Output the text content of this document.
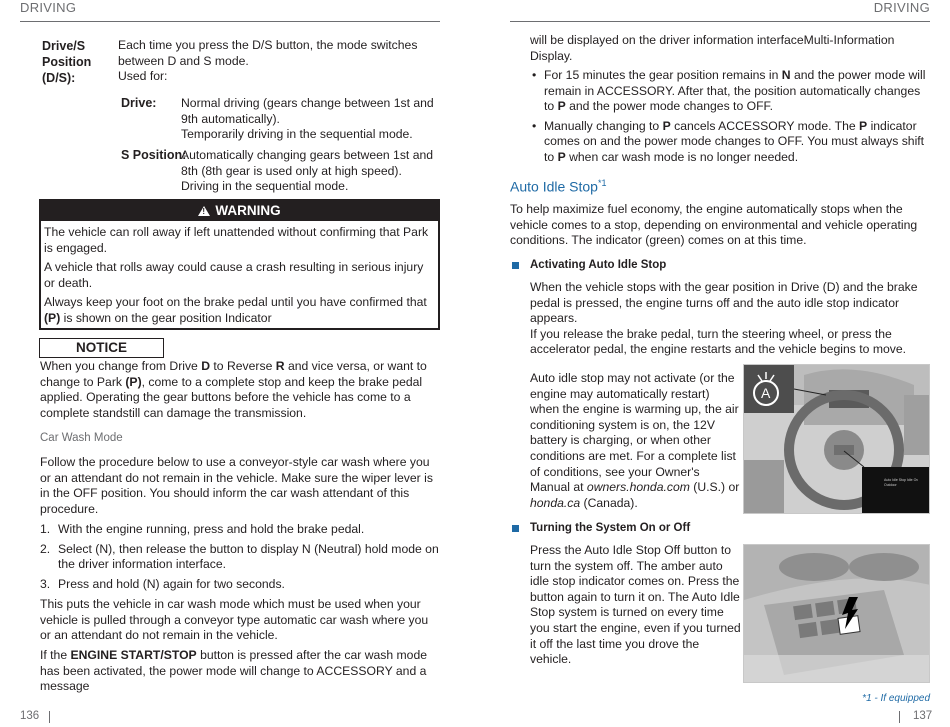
DRIVING
Drive/S
Position
(D/S):
Each time you press the D/S button, the mode switches between D and S mode.
Used for:
Drive: Normal driving (gears change between 1st and 9th automatically).
Temporarily driving in the sequential mode.
S Position:
Automatically changing gears between 1st and 8th (8th gear is used only at high speed).
Driving in the sequential mode.
!WARNING

The vehicle can roll away if left unattended without confirming that Park is engaged.

A vehicle that rolls away could cause a crash resulting in serious injury or death.

Always keep your foot on the brake pedal until you have confirmed that (P) is shown on the gear position Indicator

NOTICE
When you change from Drive D to Reverse R and vice versa, or want to change to Park (P), come to a complete stop and keep the brake pedal applied. Operating the gear buttons before the vehicle has come to a complete standstill can damage the transmission.
Car Wash Mode
Follow the procedure below to use a conveyor-style car wash where you or an attendant do not remain in the vehicle. Make sure the wiper lever is in the OFF position. You should inform the car wash attendant of this procedure.
1. With the engine running, press and hold the brake pedal.
2. Select (N), then release the button to display N (Neutral) hold mode on the driver information interface.
3. Press and hold (N) again for two seconds.
This puts the vehicle in car wash mode which must be used when your vehicle is pulled through a conveyor type automatic car wash where you or an attendant do not remain in the vehicle.
If the ENGINE START/STOP button is pressed after the car wash mode has been activated, the power mode will change to ACCESSORY and a message
136
DRIVING
will be displayed on the driver information interfaceMulti-Information Display.
• For 15 minutes the gear position remains in N and the power mode will remain in ACCESSORY. After that, the position automatically changes to P and the power mode changes to OFF.
• Manually changing to P cancels ACCESSORY mode. The P indicator comes on and the power mode changes to OFF. You must always shift to P when car wash mode is no longer needed.
Auto Idle Stop$^{*1}$
To help maximize fuel economy, the engine automatically stops when the vehicle comes to a stop, depending on environmental and vehicle operating conditions. The indicator (green) comes on at this time.
Activating Auto Idle Stop
When the vehicle stops with the gear position in Drive (D) and the brake pedal is pressed, the engine turns off and the auto idle stop indicator appears.
If you release the brake pedal, turn the steering wheel, or press the accelerator pedal, the engine restarts and the vehicle begins to move.
Auto idle stop may not activate (or the engine may automatically restart) when the engine is warming up, the air conditioning system is on, the 12V battery is charging, or when other conditions are met. For a complete list of conditions, see your Owner's Manual at owners.honda.com (U.S.) or honda.ca (Canada).
A
Auto Idle Stop Idle Ov Outdoor
Turning the System On or Off
Press the Auto Idle Stop Off button to turn the system off. The amber auto idle stop indicator comes on. Press the button again to turn it on. The Auto Idle Stop system is turned on every time you start the engine, even if you turned it off the last time you drove the vehicle.
*1 - If equipped
137
